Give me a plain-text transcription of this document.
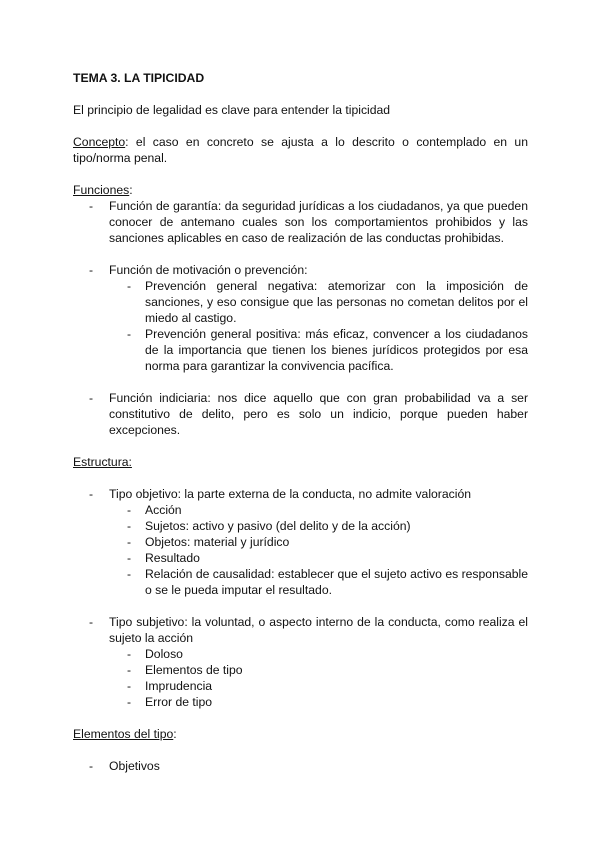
TEMA 3. LA TIPICIDAD

El principio de legalidad es clave para entender la tipicidad

Concepto: el caso en concreto se ajusta a lo descrito o contemplado en un tipo/norma penal.

Funciones:

- Función de garantía: da seguridad jurídicas a los ciudadanos, ya que pueden conocer de antemano cuales son los comportamientos prohibidos y las sanciones aplicables en caso de realización de las conductas prohibidas.

- Función de motivación o prevención:

- Prevención general negativa: atemorizar con la imposición de sanciones, y eso consigue que las personas no cometan delitos por el miedo al castigo.

- Prevención general positiva: más eficaz, convencer a los ciudadanos de la importancia que tienen los bienes jurídicos protegidos por esa norma para garantizar la convivencia pacífica.

- Función indiciaria: nos dice aquello que con gran probabilidad va a ser constitutivo de delito, pero es solo un indicio, porque pueden haber excepciones.

Estructura:

- Tipo objetivo: la parte externa de la conducta, no admite valoración

- Acción

- Sujetos: activo y pasivo (del delito y de la acción)

- Objetos: material y jurídico

- Resultado

- Relación de causalidad: establecer que el sujeto activo es responsable o se le pueda imputar el resultado.

- Tipo subjetivo: la voluntad, o aspecto interno de la conducta, como realiza el sujeto la acción

- Doloso

- Elementos de tipo

- Imprudencia

- Error de tipo

Elementos del tipo:

- Objetivos
